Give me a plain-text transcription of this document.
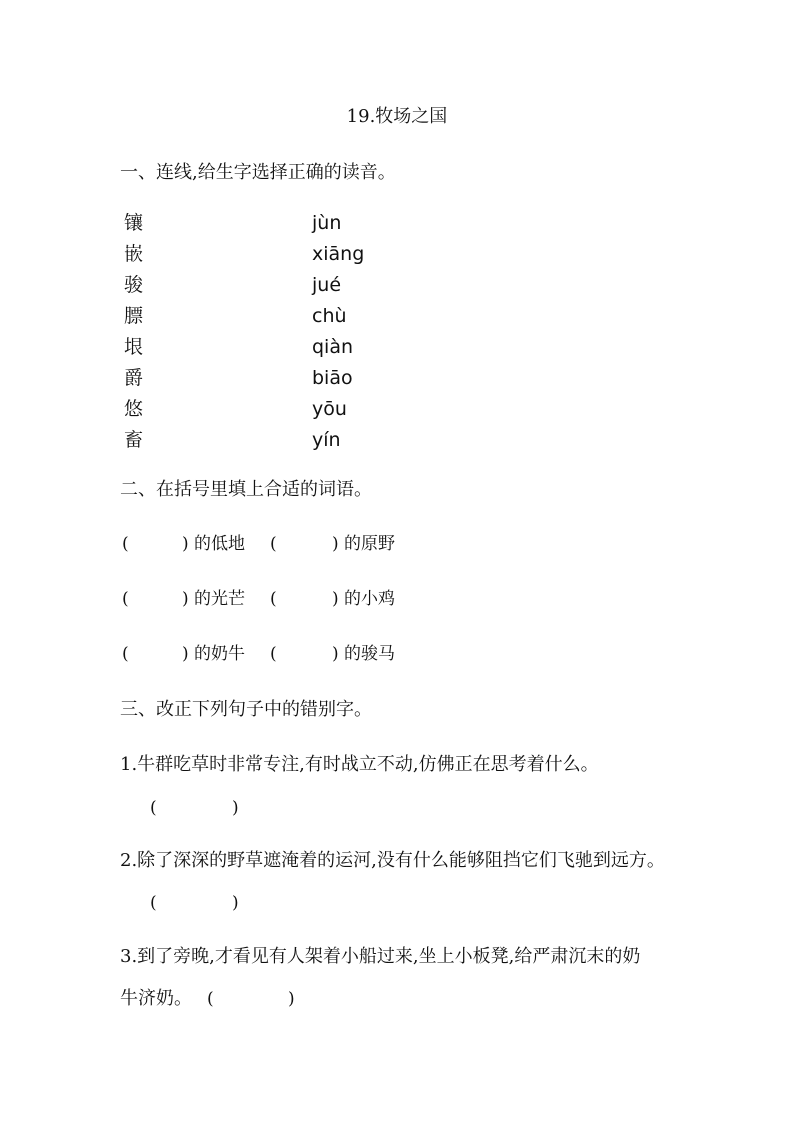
19.牧场之国
一、连线,给生字选择正确的读音。
镶	jùn
嵌	xiāng
骏	jué
膘	chù
垠	qiàn
爵	biāo
悠	yōu
畜	yín
二、在括号里填上合适的词语。
(	) 的低地 (	) 的原野
(	) 的光芒 (	) 的小鸡
(	) 的奶牛 (	) 的骏马
三、改正下列句子中的错别字。
1.牛群吃草时非常专注,有时战立不动,仿佛正在思考着什么。
(	)
2.除了深深的野草遮淹着的运河,没有什么能够阻挡它们飞驰到远方。
(	)
3.到了旁晚,才看见有人架着小船过来,坐上小板凳,给严肃沉末的奶
牛济奶。 (	)
